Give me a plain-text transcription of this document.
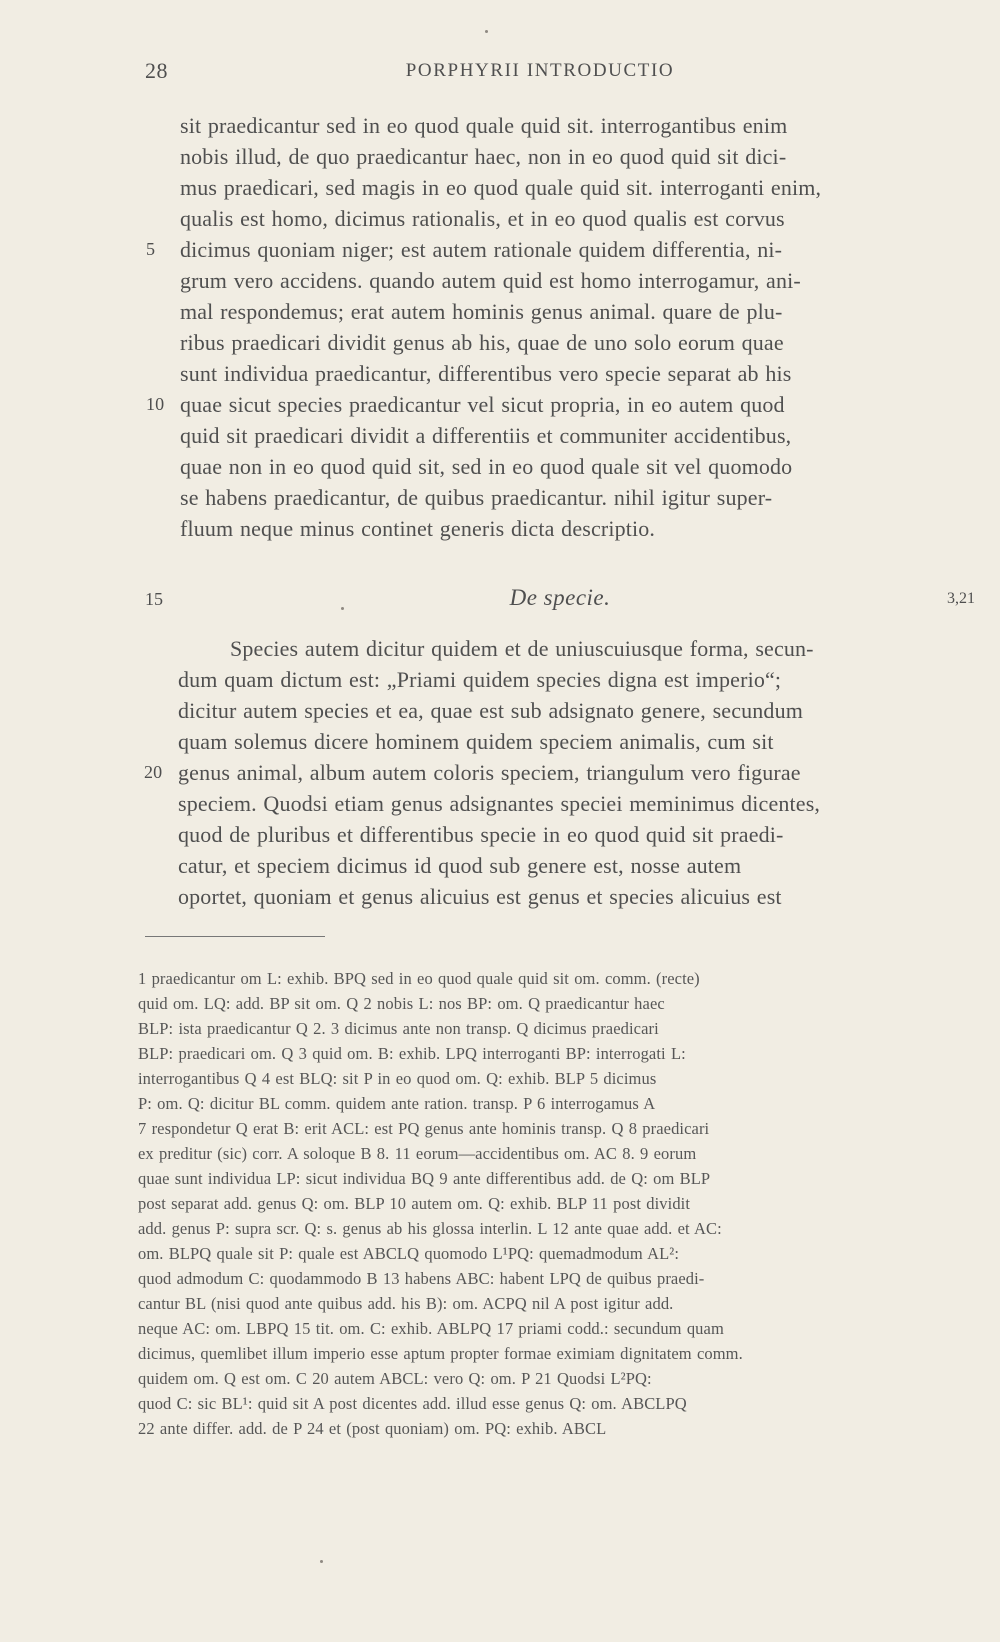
28	PORPHYRII INTRODUCTIO
sit praedicantur sed in eo quod quale quid sit. interrogantibus enim
nobis illud, de quo praedicantur haec, non in eo quod quid sit dici-
mus praedicari, sed magis in eo quod quale quid sit. interroganti enim,
qualis est homo, dicimus rationalis, et in eo quod qualis est corvus
5 dicimus quoniam niger; est autem rationale quidem differentia, ni-
grum vero accidens. quando autem quid est homo interrogamur, ani-
mal respondemus; erat autem hominis genus animal. quare de plu-
ribus praedicari dividit genus ab his, quae de uno solo eorum quae
sunt individua praedicantur, differentibus vero specie separat ab his
10 quae sicut species praedicantur vel sicut propria, in eo autem quod
quid sit praedicari dividit a differentiis et communiter accidentibus,
quae non in eo quod quid sit, sed in eo quod quale sit vel quomodo
se habens praedicantur, de quibus praedicantur. nihil igitur super-
fluum neque minus continet generis dicta descriptio.
15	De specie.	3,21
Species autem dicitur quidem et de uniuscuiusque forma, secun-
dum quam dictum est: „Priami quidem species digna est imperio“;
dicitur autem species et ea, quae est sub adsignato genere, secundum
quam solemus dicere hominem quidem speciem animalis, cum sit
20 genus animal, album autem coloris speciem, triangulum vero figurae
speciem. Quodsi etiam genus adsignantes speciei meminimus dicentes,
quod de pluribus et differentibus specie in eo quod quid sit praedi-
catur, et speciem dicimus id quod sub genere est, nosse autem
oportet, quoniam et genus alicuius est genus et species alicuius est
1 praedicantur om L: exhib. BPQ sed in eo quod quale quid sit om. comm. (recte)
quid om. LQ: add. BP sit om. Q 2 nobis L: nos BP: om. Q praedicantur haec
BLP: ista praedicantur Q 2. 3 dicimus ante non transp. Q dicimus praedicari
BLP: praedicari om. Q 3 quid om. B: exhib. LPQ interroganti BP: interrogati L:
interrogantibus Q 4 est BLQ: sit P in eo quod om. Q: exhib. BLP 5 dicimus
P: om. Q: dicitur BL comm. quidem ante ration. transp. P 6 interrogamus A
7 respondetur Q erat B: erit ACL: est PQ genus ante hominis transp. Q 8 praedicari
ex preditur (sic) corr. A soloque B 8. 11 eorum—accidentibus om. AC 8. 9 eorum
quae sunt individua LP: sicut individua BQ 9 ante differentibus add. de Q: om BLP
post separat add. genus Q: om. BLP 10 autem om. Q: exhib. BLP 11 post dividit
add. genus P: supra scr. Q: s. genus ab his glossa interlin. L 12 ante quae add. et AC:
om. BLPQ quale sit P: quale est ABCLQ quomodo L¹PQ: quemadmodum AL²:
quod admodum C: quodammodo B 13 habens ABC: habent LPQ de quibus praedi-
cantur BL (nisi quod ante quibus add. his B): om. ACPQ nil A post igitur add.
neque AC: om. LBPQ 15 tit. om. C: exhib. ABLPQ 17 priami codd.: secundum quam
dicimus, quemlibet illum imperio esse aptum propter formae eximiam dignitatem comm.
quidem om. Q est om. C 20 autem ABCL: vero Q: om. P 21 Quodsi L²PQ:
quod C: sic BL¹: quid sit A post dicentes add. illud esse genus Q: om. ABCLPQ
22 ante differ. add. de P 24 et (post quoniam) om. PQ: exhib. ABCL
